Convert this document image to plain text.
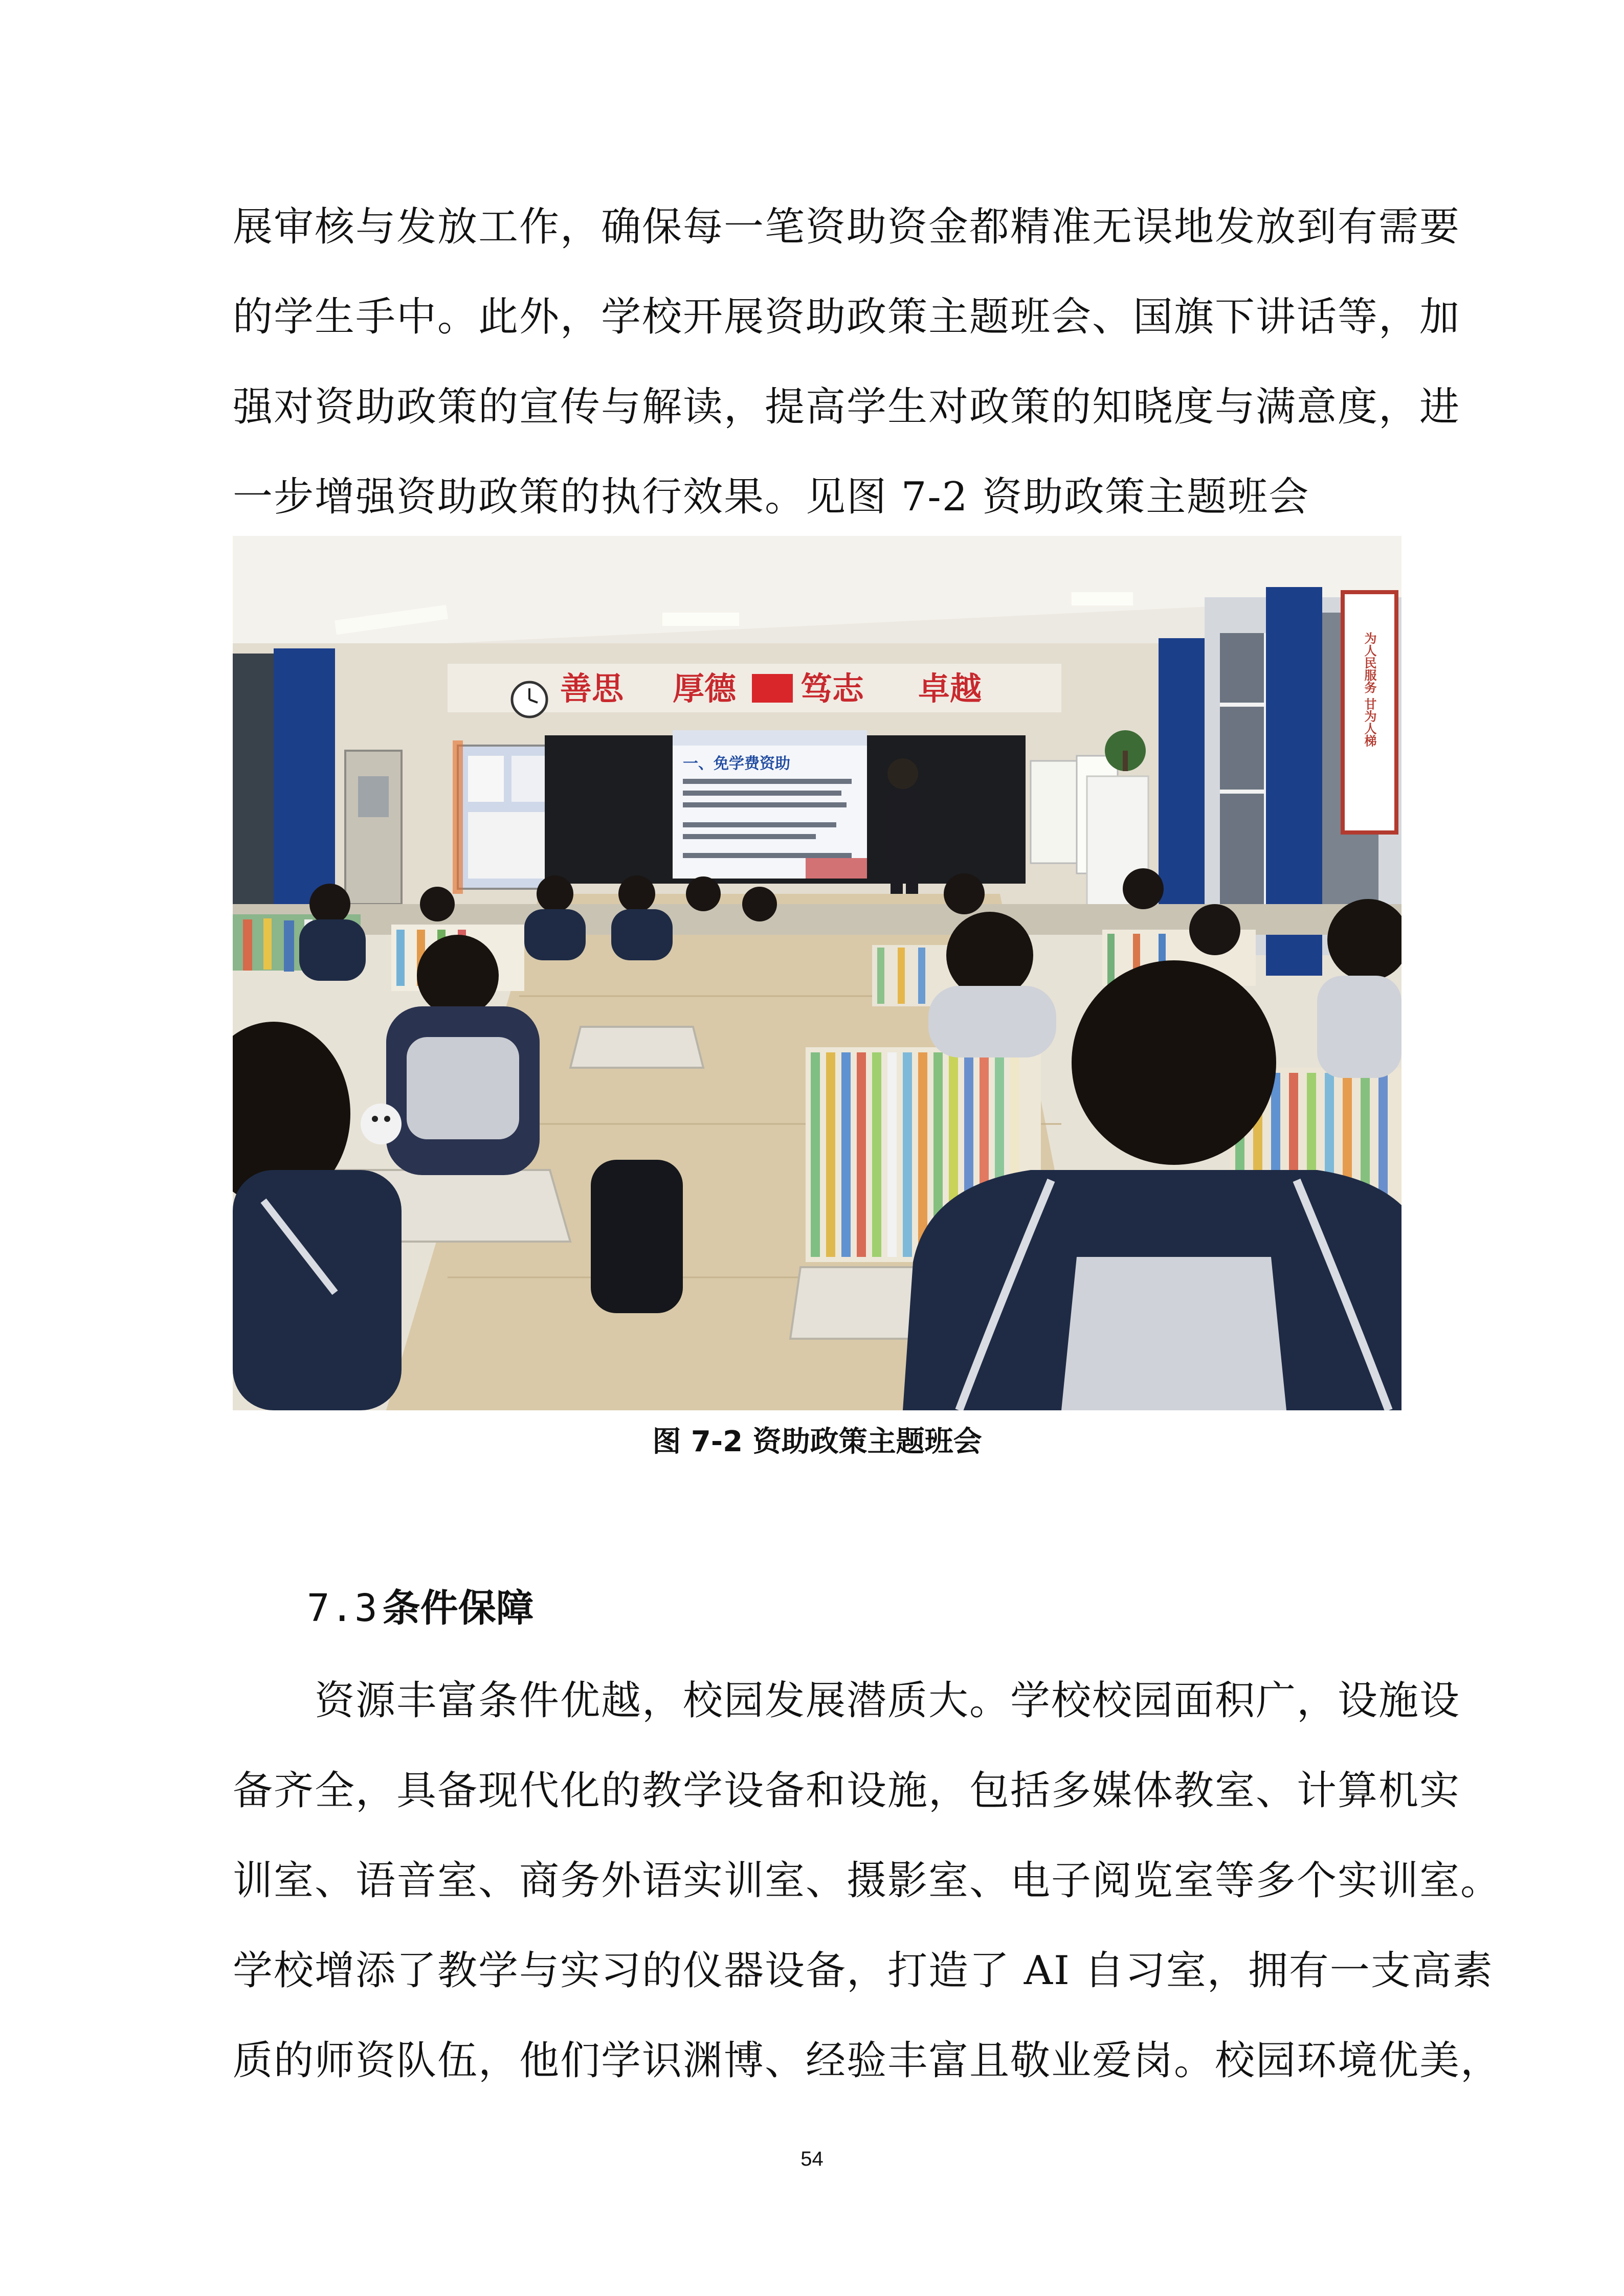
展审核与发放工作，确保每一笔资助资金都精准无误地发放到有需要
的学生手中。此外，学校开展资助政策主题班会、国旗下讲话等，加
强对资助政策的宣传与解读，提高学生对政策的知晓度与满意度，进
一步增强资助政策的执行效果。见图 7-2 资助政策主题班会
善思 厚德 笃志 卓越
一、免学费资助
为人民服务 甘为人梯
图 7-2 资助政策主题班会
7.3 条件保障
　　资源丰富条件优越，校园发展潜质大。学校校园面积广，设施设
备齐全，具备现代化的教学设备和设施，包括多媒体教室、计算机实
训室、语音室、商务外语实训室、摄影室、电子阅览室等多个实训室。
学校增添了教学与实习的仪器设备，打造了 AI 自习室，拥有一支高素
质的师资队伍，他们学识渊博、经验丰富且敬业爱岗。校园环境优美，
54
